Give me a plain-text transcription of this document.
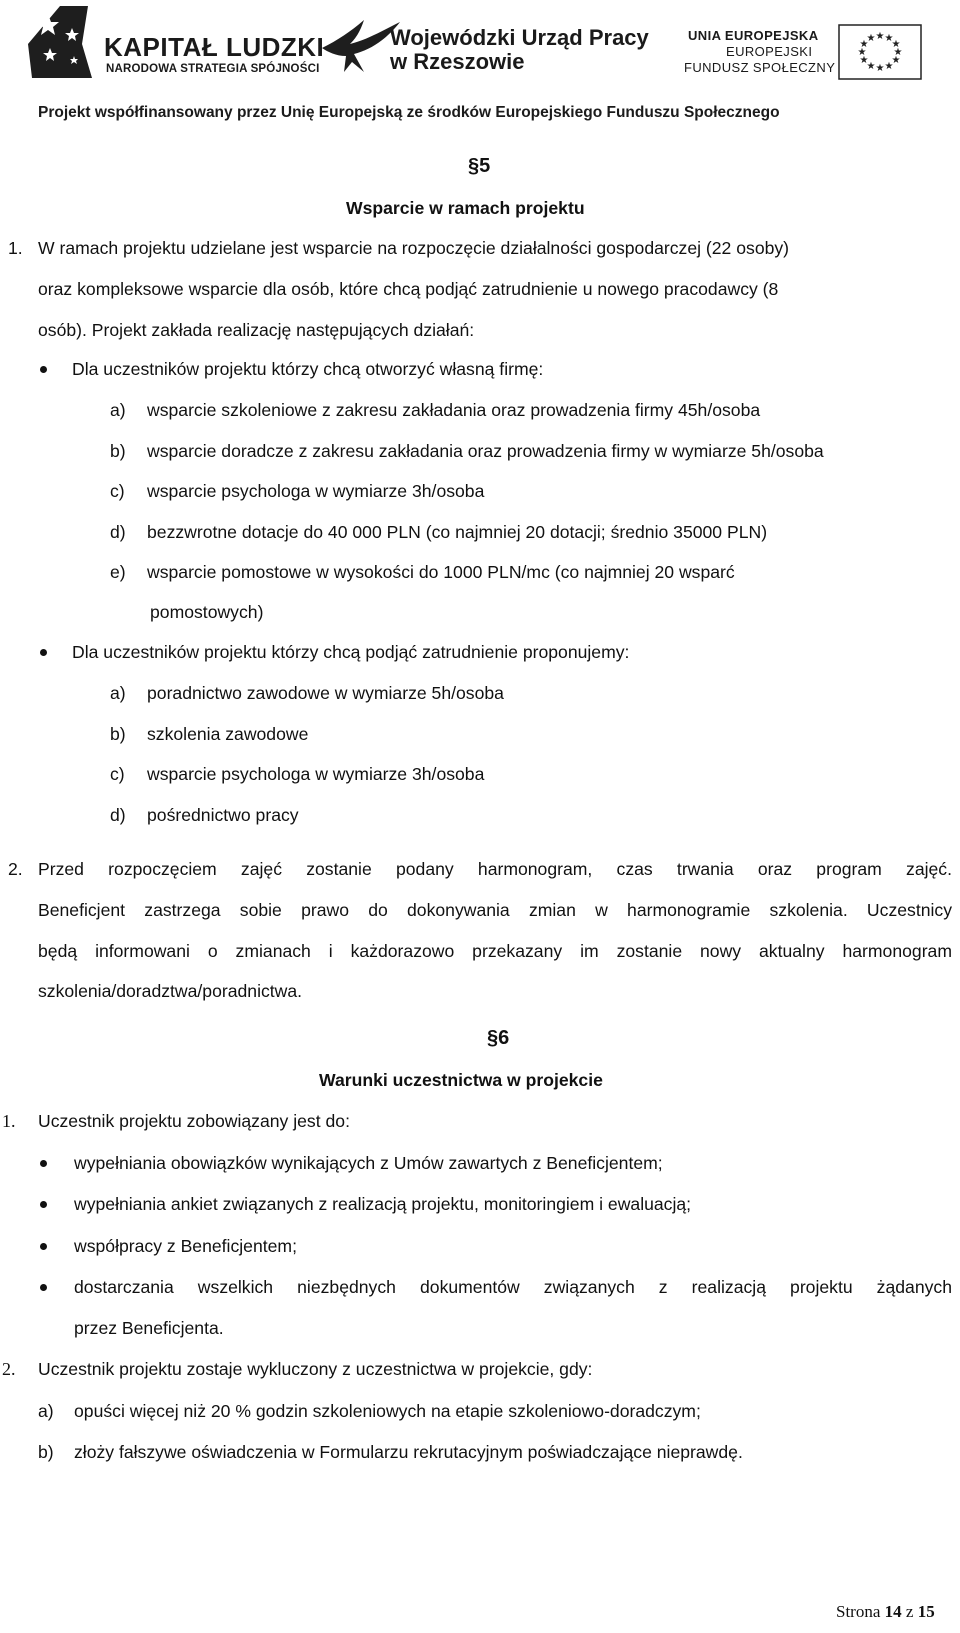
KAPITAŁ LUDZKI
NARODOWA STRATEGIA SPÓJNOŚCI
Wojewódzki Urząd Pracy
w Rzeszowie
UNIA EUROPEJSKA
EUROPEJSKI
FUNDUSZ SPOŁECZNY
★ ★
★
★
★
★
★
★
★
★
★
★
Projekt współfinansowany przez Unię Europejską ze środków Europejskiego Funduszu Społecznego
§5
Wsparcie w ramach projektu
1. W ramach projektu udzielane jest wsparcie na rozpoczęcie działalności gospodarczej (22 osoby)
oraz kompleksowe wsparcie dla osób, które chcą podjąć zatrudnienie u nowego pracodawcy (8
osób). Projekt zakłada realizację następujących działań:
Dla uczestników projektu którzy chcą otworzyć własną firmę:
a) wsparcie szkoleniowe z zakresu zakładania oraz prowadzenia firmy 45h/osoba
b) wsparcie doradcze z zakresu zakładania oraz prowadzenia firmy w wymiarze 5h/osoba
c) wsparcie psychologa w wymiarze 3h/osoba
d) bezzwrotne dotacje do 40 000 PLN (co najmniej 20 dotacji; średnio 35000 PLN)
e) wsparcie pomostowe w wysokości do 1000 PLN/mc (co najmniej 20 wsparć
pomostowych)
Dla uczestników projektu którzy chcą podjąć zatrudnienie proponujemy:
a) poradnictwo zawodowe w wymiarze 5h/osoba
b) szkolenia zawodowe
c) wsparcie psychologa w wymiarze 3h/osoba
d) pośrednictwo pracy
2. Przed rozpoczęciem zajęć zostanie podany harmonogram, czas trwania oraz program zajęć.
Beneficjent zastrzega sobie prawo do dokonywania zmian w harmonogramie szkolenia. Uczestnicy
będą informowani o zmianach i każdorazowo przekazany im zostanie nowy aktualny harmonogram
szkolenia/doradztwa/poradnictwa.
§6
Warunki uczestnictwa w projekcie
1. Uczestnik projektu zobowiązany jest do:
wypełniania obowiązków wynikających z Umów zawartych z Beneficjentem;
wypełniania ankiet związanych z realizacją projektu, monitoringiem i ewaluacją;
współpracy z Beneficjentem;
dostarczania wszelkich niezbędnych dokumentów związanych z realizacją projektu żądanych
przez Beneficjenta.
2. Uczestnik projektu zostaje wykluczony z uczestnictwa w projekcie, gdy:
a) opuści więcej niż 20 % godzin szkoleniowych na etapie szkoleniowo-doradczym;
b) złoży fałszywe oświadczenia w Formularzu rekrutacyjnym poświadczające nieprawdę.
Strona 14 z 15
